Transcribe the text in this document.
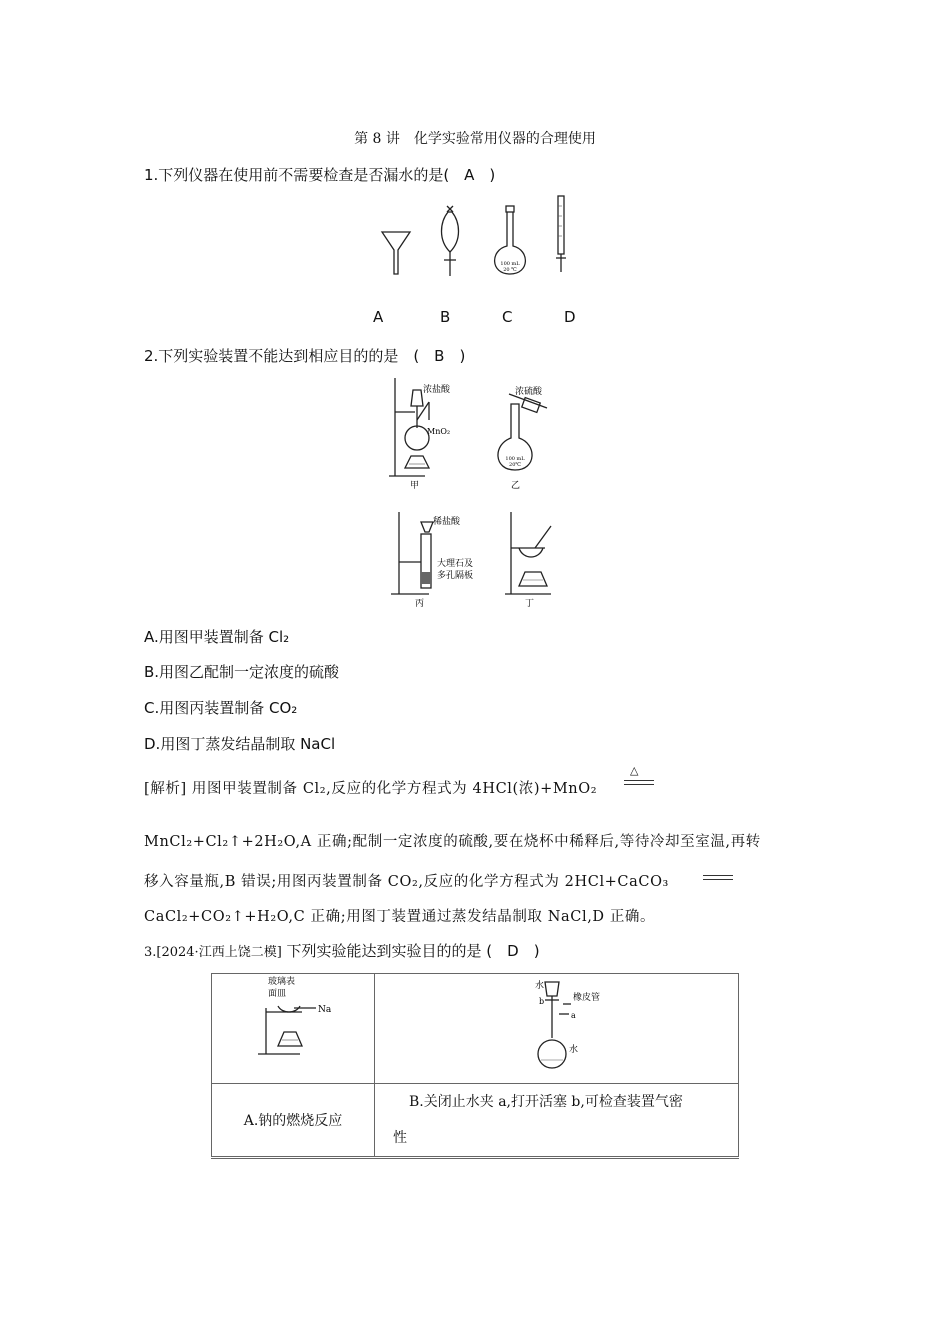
第 8 讲　化学实验常用仪器的合理使用
1.下列仪器在使用前不需要检查是否漏水的是(　A　)
100 mL
20 ℃
A	B	C	D
2.下列实验装置不能达到相应目的的是　(　B　)
浓盐酸
MnO₂
甲
浓硫酸
100 mL
20℃
乙
稀盐酸
大理石及
多孔隔板
丙	丁
A.用图甲装置制备 Cl₂
B.用图乙配制一定浓度的硫酸
C.用图丙装置制备 CO₂
D.用图丁蒸发结晶制取 NaCl
[解析] 用图甲装置制备 Cl₂,反应的化学方程式为 4HCl(浓)+MnO₂
△
MnCl₂+Cl₂↑+2H₂O,A 正确;配制一定浓度的硫酸,要在烧杯中稀释后,等待冷却至室温,再转
移入容量瓶,B 错误;用图丙装置制备 CO₂,反应的化学方程式为 2HCl+CaCO₃
CaCl₂+CO₂↑+H₂O,C 正确;用图丁装置通过蒸发结晶制取 NaCl,D 正确。
3.[2024·江西上饶二模] 下列实验能达到实验目的的是 (　D　)
玻璃表
面皿
Na	水
b 橡皮管
a
水

A.钠的燃烧反应	B.关闭止水夹 a,打开活塞 b,可检查装置气密
性
